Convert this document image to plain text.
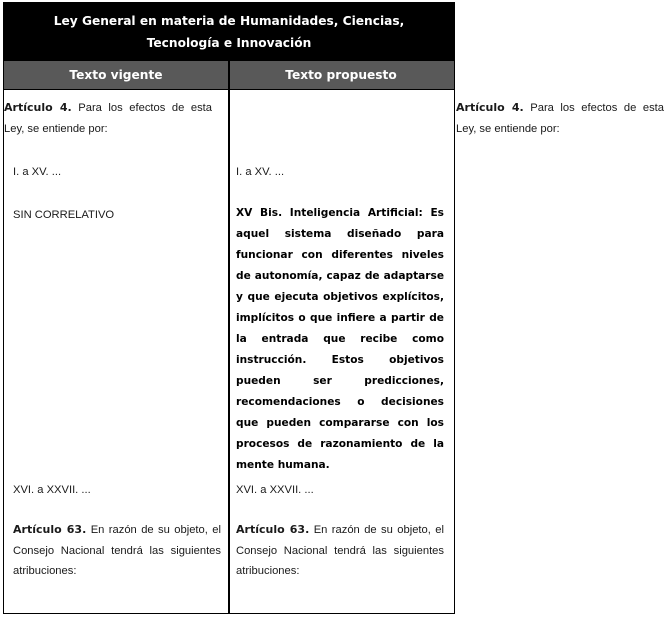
Ley General en materia de Humanidades, Ciencias, Tecnología e Innovación
Texto vigente	Texto propuesto

Artículo 4. Para los efectos de esta Ley, se entiende por:

I. a XV. ...

SIN CORRELATIVO

XVI. a XXVII. ...

Artículo 63. En razón de su objeto, el Consejo Nacional tendrá las siguientes atribuciones:

Artículo 4. Para los efectos de esta Ley, se entiende por:

I. a XV. ...

XV Bis. Inteligencia Artificial: Es aquel sistema diseñado para funcionar con diferentes niveles de autonomía, capaz de adaptarse y que ejecuta objetivos explícitos, implícitos o que infiere a partir de la entrada que recibe como instrucción. Estos objetivos pueden ser predicciones, recomendaciones o decisiones que pueden compararse con los procesos de razonamiento de la mente humana.

XVI. a XXVII. ...

Artículo 63. En razón de su objeto, el Consejo Nacional tendrá las siguientes atribuciones:
